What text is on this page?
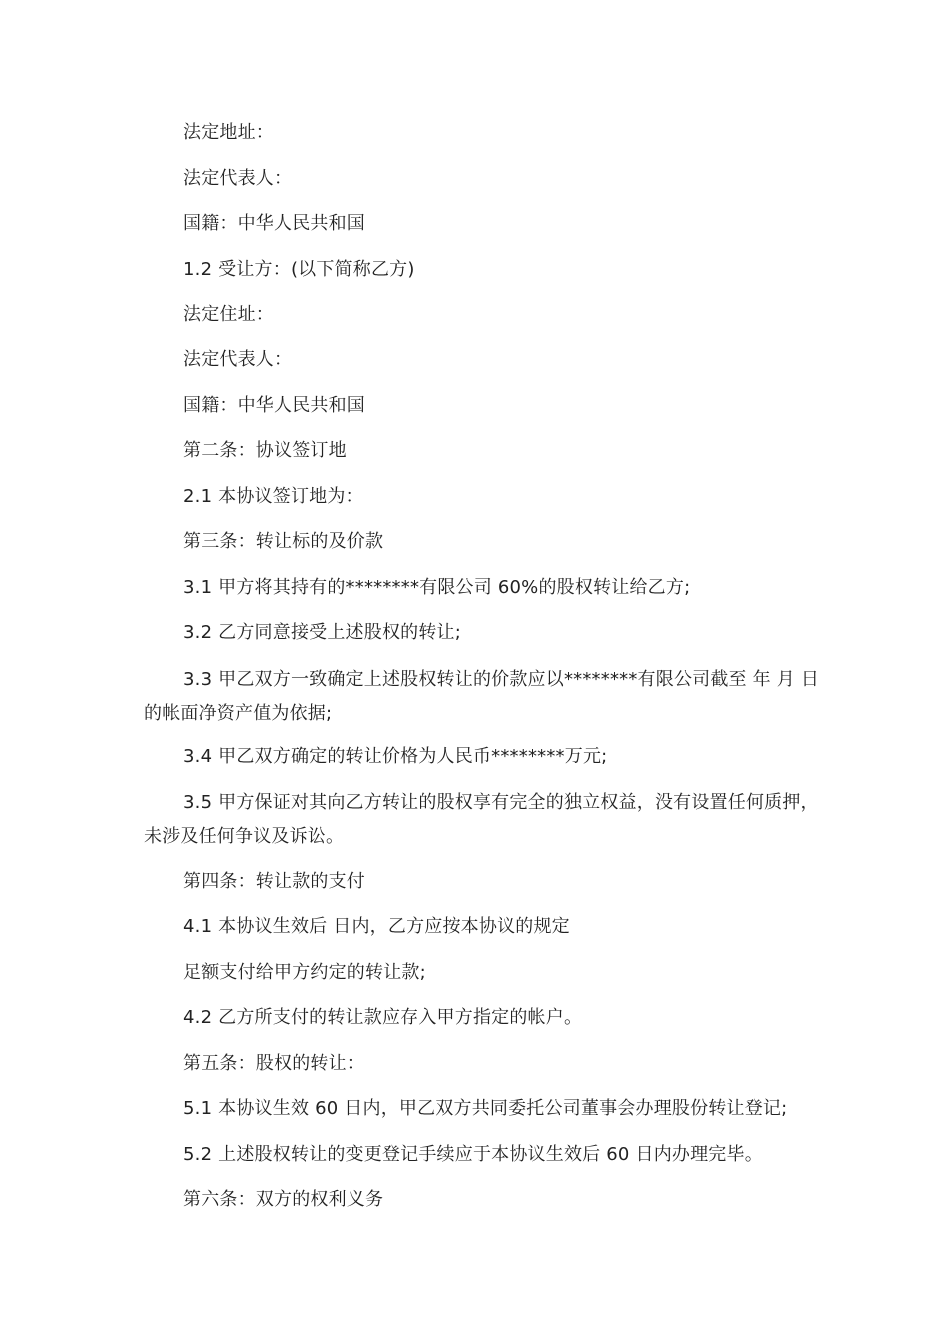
法定地址：
法定代表人：
国籍：中华人民共和国
1.2 受让方：(以下简称乙方)
法定住址：
法定代表人：
国籍：中华人民共和国
第二条：协议签订地
2.1 本协议签订地为：
第三条：转让标的及价款
3.1 甲方将其持有的********有限公司 60%的股权转让给乙方;
3.2 乙方同意接受上述股权的转让;
3.3 甲乙双方一致确定上述股权转让的价款应以********有限公司截至 年 月 日的帐面净资产值为依据;
3.4 甲乙双方确定的转让价格为人民币********万元;
3.5 甲方保证对其向乙方转让的股权享有完全的独立权益，没有设置任何质押，未涉及任何争议及诉讼。
第四条：转让款的支付
4.1 本协议生效后 日内，乙方应按本协议的规定
足额支付给甲方约定的转让款;
4.2 乙方所支付的转让款应存入甲方指定的帐户。
第五条：股权的转让：
5.1 本协议生效 60 日内，甲乙双方共同委托公司董事会办理股份转让登记;
5.2 上述股权转让的变更登记手续应于本协议生效后 60 日内办理完毕。
第六条：双方的权利义务
